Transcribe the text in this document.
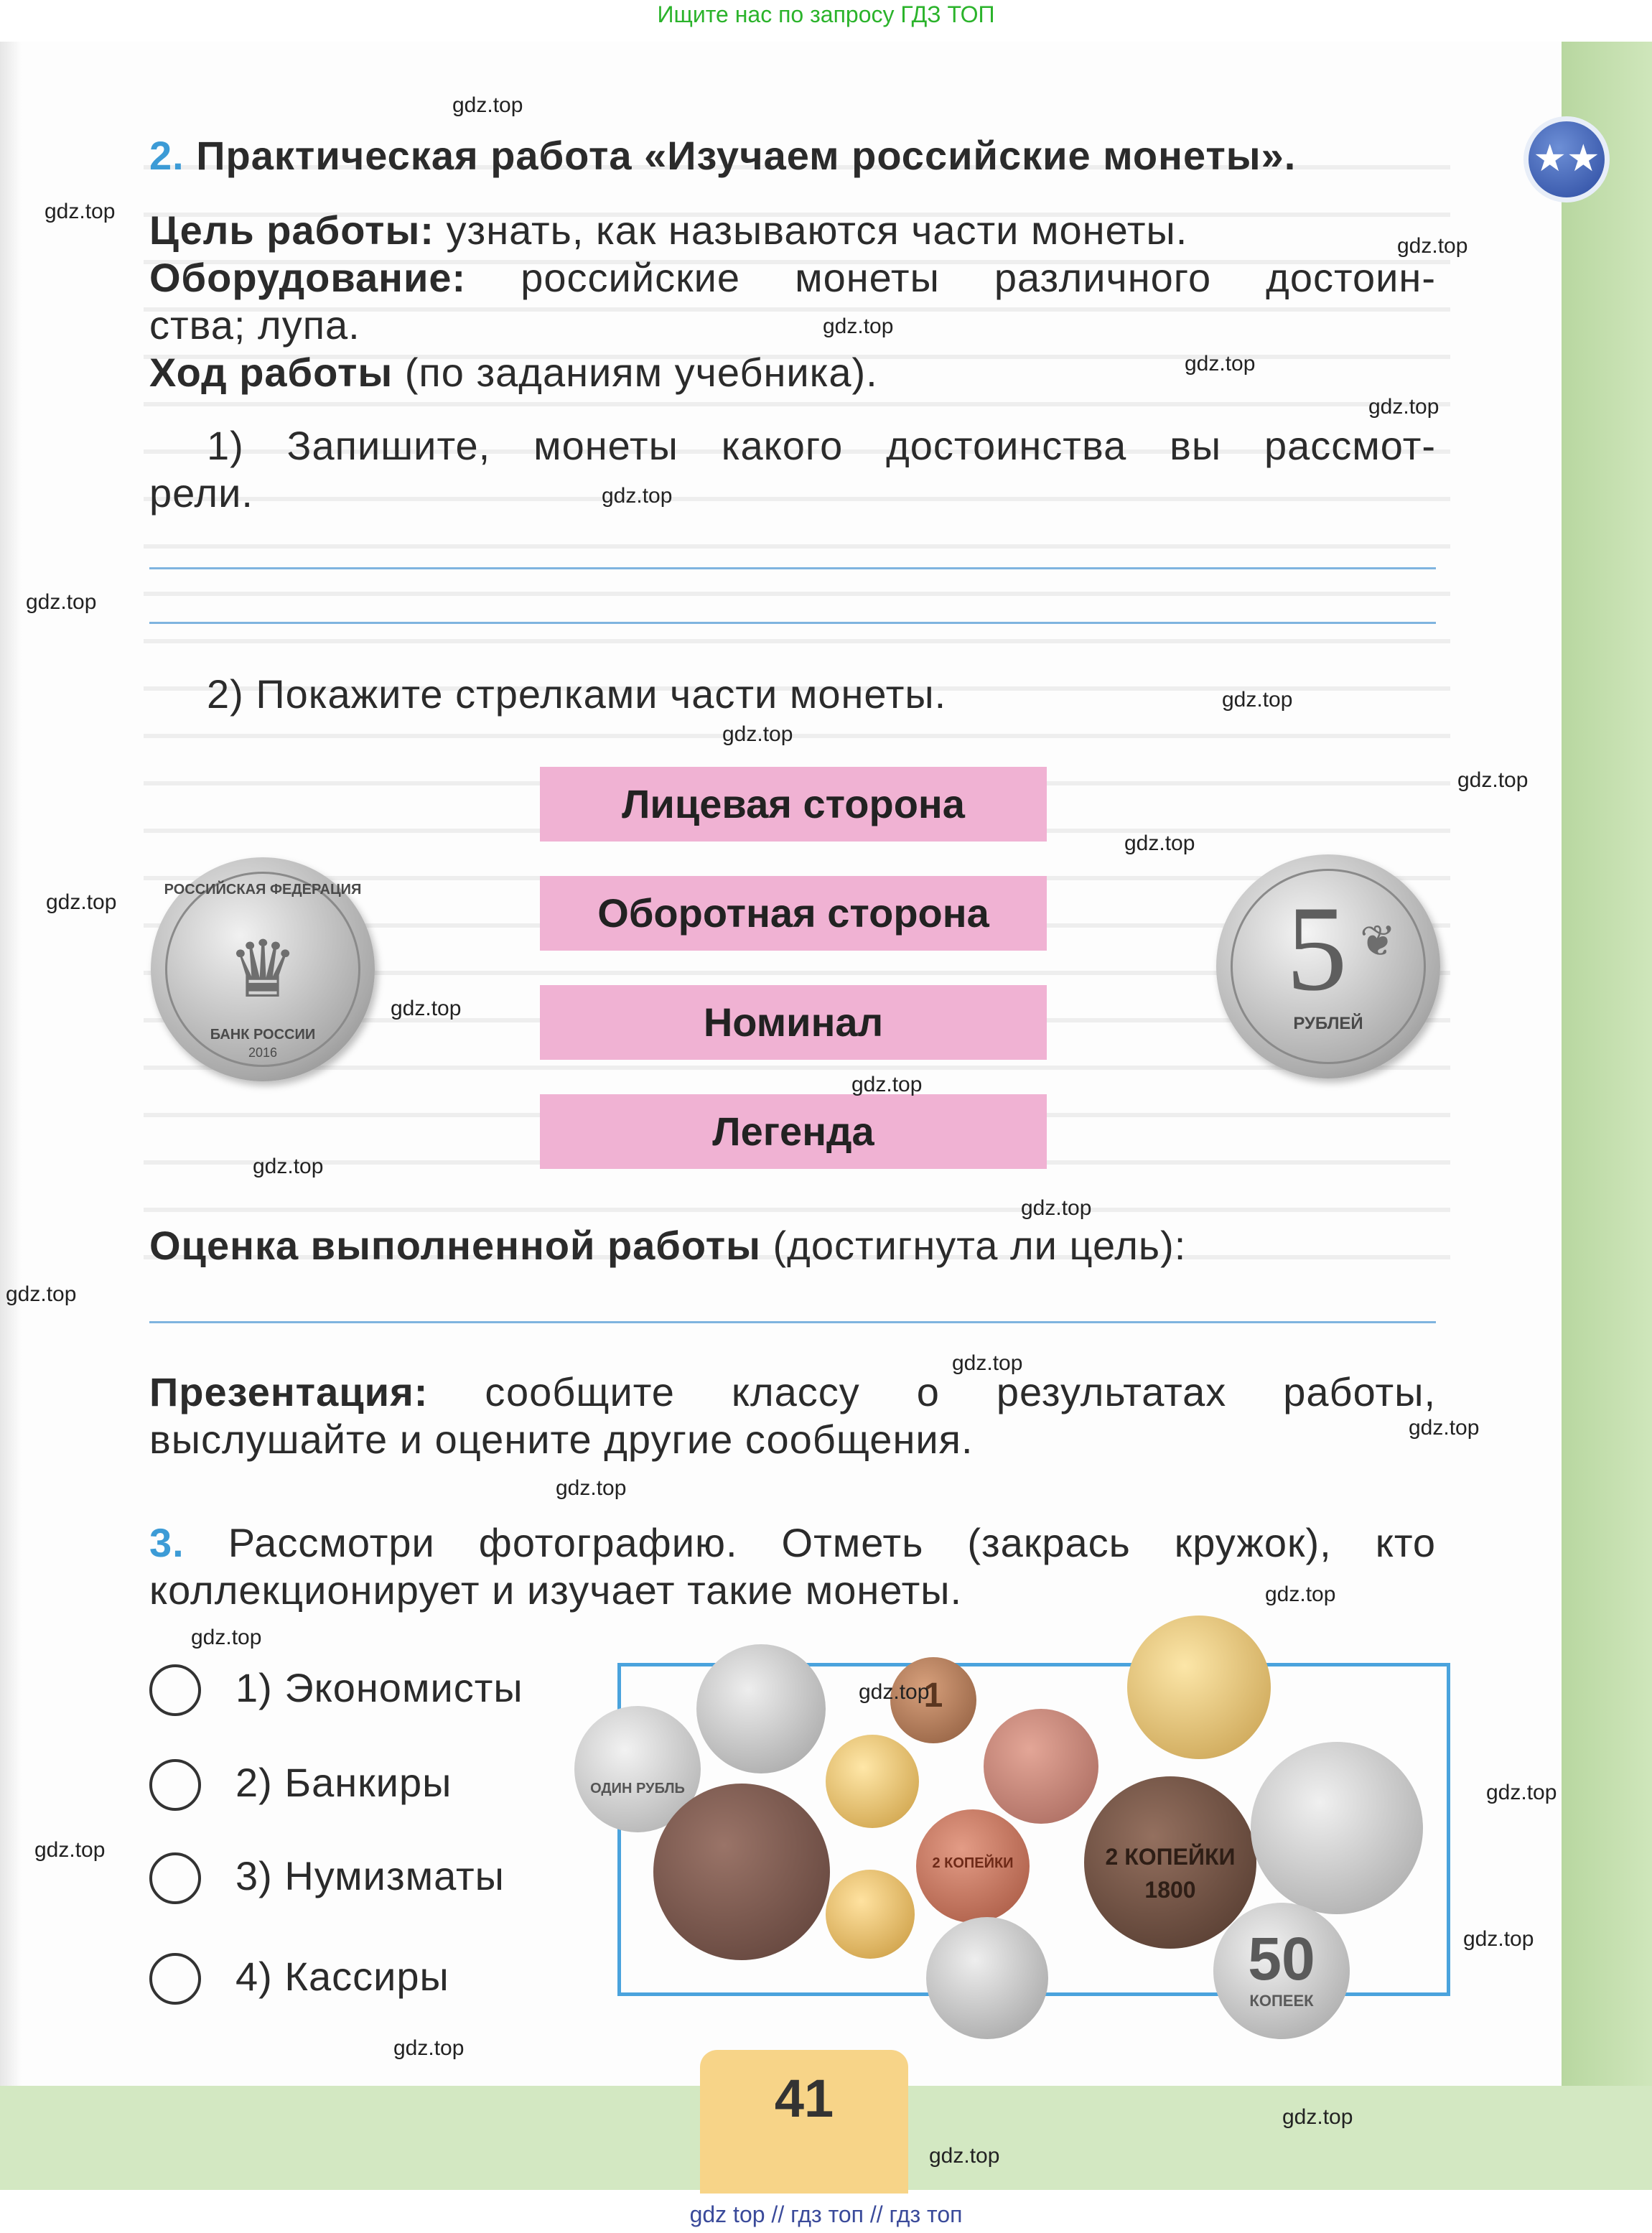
Ищите нас по запросу ГДЗ ТОП
★★
2. Практическая работа «Изучаем российские монеты».
Цель работы: узнать, как называются части монеты.
Оборудование: российские монеты различного достоин-
ства; лупа.
Ход работы (по заданиям учебника).
1) Запишите, монеты какого достоинства вы рассмот-
рели.
2) Покажите стрелками части монеты.
Лицевая сторона
Оборотная сторона
Номинал
Легенда
РОССИЙСКАЯ ФЕДЕРАЦИЯ
♛
БАНК РОССИИ
2016
5 ❦
РУБЛЕЙ
Оценка выполненной работы (достигнута ли цель):
Презентация: сообщите классу о результатах работы,
выслушайте и оцените другие сообщения.
3. Рассмотри фотографию. Отметь (закрась кружок), кто
коллекционирует и изучает такие монеты.
1) Экономисты
2) Банкиры
3) Нумизматы
4) Кассиры
ОДИН РУБЛЬ
1
2 КОПЕЙКИ	2 КОПЕЙКИ
1800
50
КОПЕЕК
41
gdz.top
gdz.top
gdz.top
gdz.top
gdz.top
gdz.top
gdz.top
gdz.top
gdz.top
gdz.top
gdz.top
gdz.top
gdz.top
gdz.top
gdz.top
gdz.top
gdz.top
gdz.top
gdz.top
gdz.top
gdz.top
gdz.top
gdz.top
gdz.top
gdz.top
gdz.top
gdz.top
gdz.top
gdz.top
gdz.top
gdz top // гдз топ // гдз топ
